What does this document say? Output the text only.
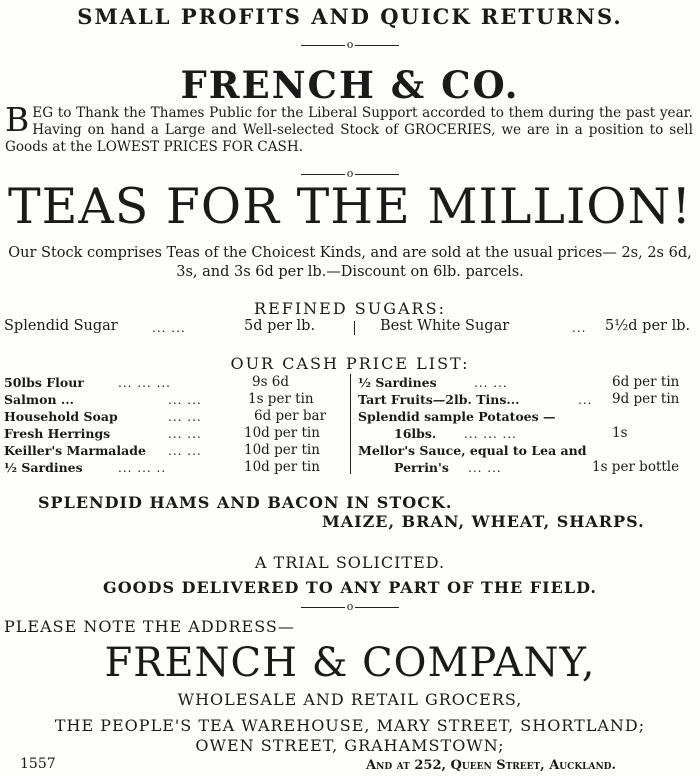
SMALL PROFITS AND QUICK RETURNS.
o
FRENCH & CO.
BEG to Thank the Thames Public for the Liberal Support accorded to them during the past year. Having on hand a Large and Well-selected Stock of GROCERIES, we are in a position to sell Goods at the LOWEST PRICES FOR CASH.
o
TEAS FOR THE MILLION!
Our Stock comprises Teas of the Choicest Kinds, and are sold at the usual prices— 2s, 2s 6d, 3s, and 3s 6d per lb.—Discount on 6lb. parcels.
REFINED SUGARS:
Splendid Sugar	... ...	5d per lb.	Best White Sugar	... 5½d per lb.
OUR CASH PRICE LIST:
50lbs Flour	... ... ...	9s 6d
Salmon ...	... ...	1s per tin
Household Soap	... ...	6d per bar
Fresh Herrings	... ...	10d per tin
Keiller's Marmalade ... ...	10d per tin
½ Sardines	... ... ..	10d per tin
½ Sardines	... ...	6d per tin
Tart Fruits—2lb. Tins...	... 9d per tin
Splendid sample Potatoes —
16lbs. ... ... ...	1s
Mellor's Sauce, equal to Lea and
Perrin's ... ...	1s per bottle
SPLENDID HAMS AND BACON IN STOCK.
MAIZE, BRAN, WHEAT, SHARPS.
A TRIAL SOLICITED.
GOODS DELIVERED TO ANY PART OF THE FIELD.
o
PLEASE NOTE THE ADDRESS—
FRENCH & COMPANY,
WHOLESALE AND RETAIL GROCERS,
THE PEOPLE'S TEA WAREHOUSE, MARY STREET, SHORTLAND;
OWEN STREET, GRAHAMSTOWN;
1557	And at 252, Queen Street, Auckland.
